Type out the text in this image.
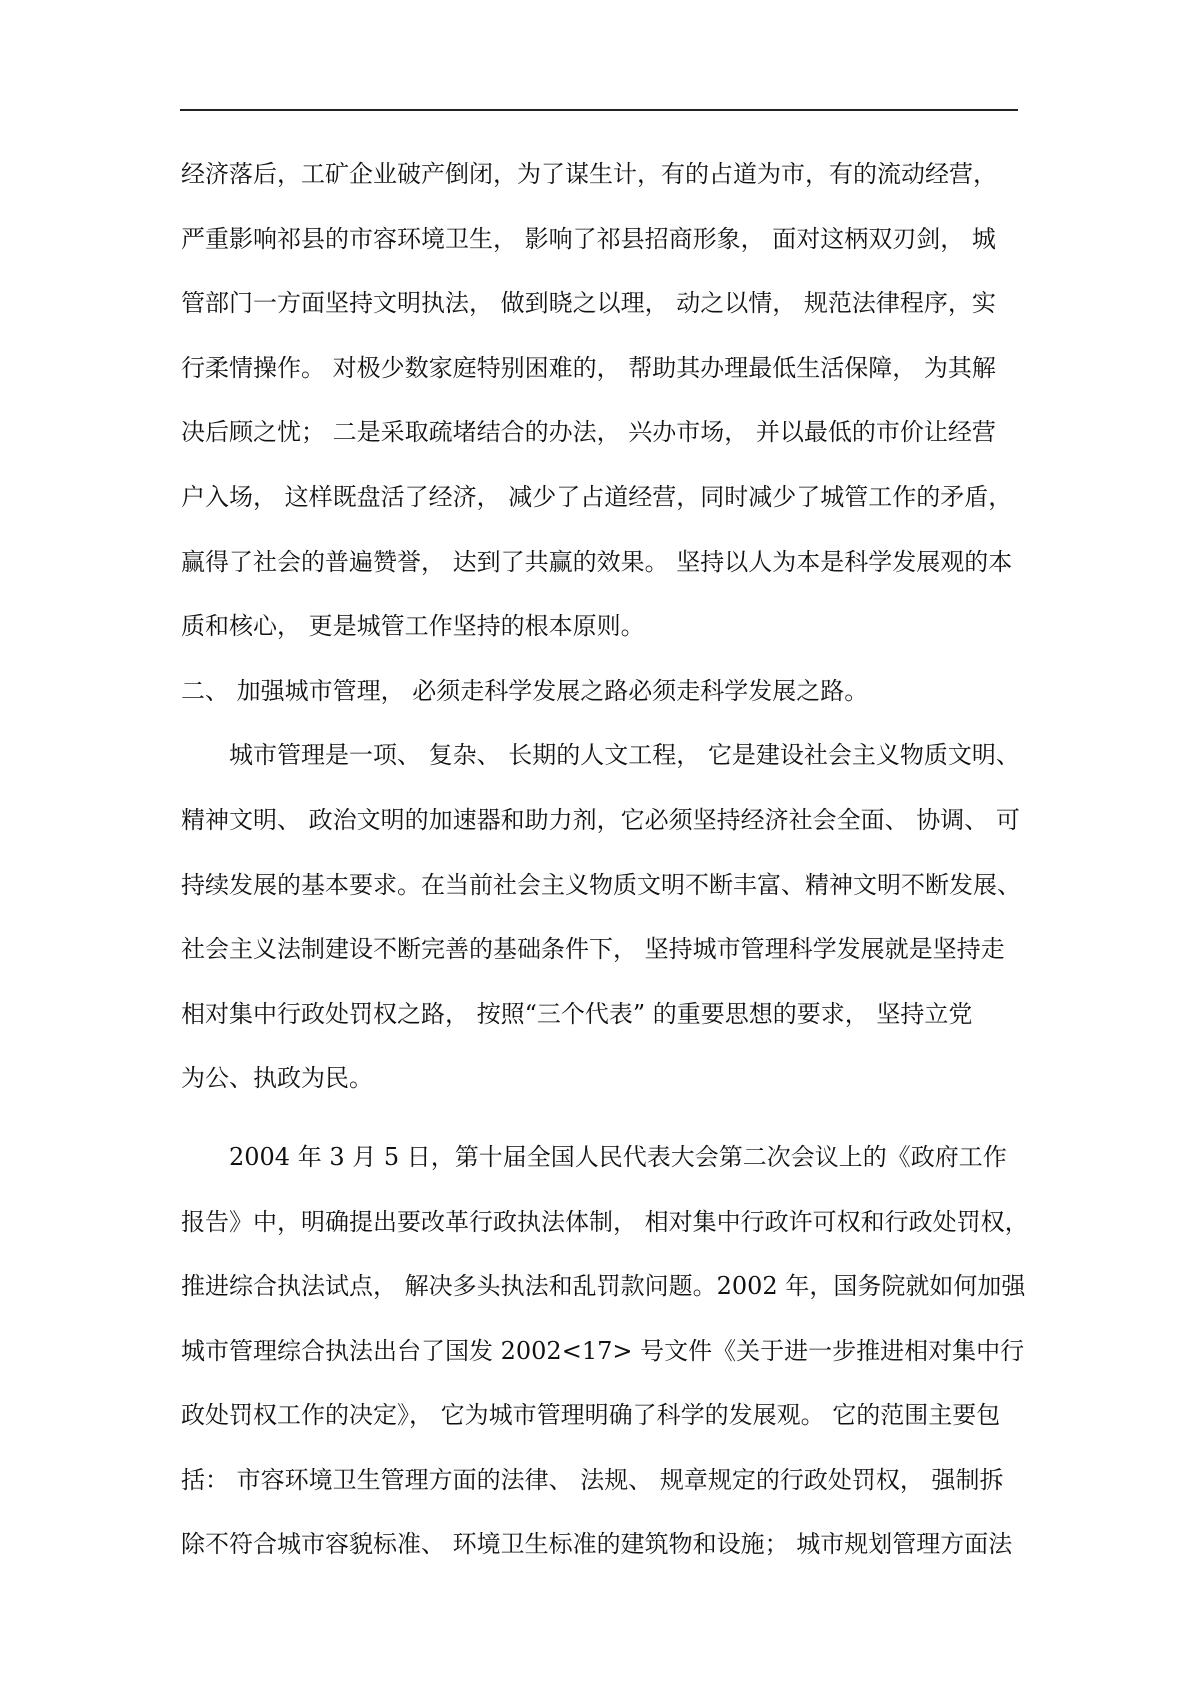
经济落后，工矿企业破产倒闭，为了谋生计，有的占道为市，有的流动经营，
严重影响祁县的市容环境卫生， 影响了祁县招商形象， 面对这柄双刃剑， 城
管部门一方面坚持文明执法， 做到晓之以理， 动之以情， 规范法律程序，实
行柔情操作。 对极少数家庭特别困难的， 帮助其办理最低生活保障， 为其解
决后顾之忧； 二是采取疏堵结合的办法， 兴办市场， 并以最低的市价让经营
户入场， 这样既盘活了经济， 减少了占道经营，同时减少了城管工作的矛盾，
赢得了社会的普遍赞誉， 达到了共赢的效果。 坚持以人为本是科学发展观的本
质和核心， 更是城管工作坚持的根本原则。
二、 加强城市管理， 必须走科学发展之路必须走科学发展之路。
城市管理是一项、 复杂、 长期的人文工程， 它是建设社会主义物质文明、
精神文明、 政治文明的加速器和助力剂，它必须坚持经济社会全面、 协调、 可
持续发展的基本要求。在当前社会主义物质文明不断丰富、精神文明不断发展、
社会主义法制建设不断完善的基础条件下， 坚持城市管理科学发展就是坚持走
相对集中行政处罚权之路， 按照“三个代表” 的重要思想的要求， 坚持立党
为公、执政为民。
2004 年 3 月 5 日，第十届全国人民代表大会第二次会议上的《政府工作
报告》中，明确提出要改革行政执法体制， 相对集中行政许可权和行政处罚权，
推进综合执法试点， 解决多头执法和乱罚款问题。2002 年，国务院就如何加强
城市管理综合执法出台了国发 2002<17> 号文件《关于进一步推进相对集中行
政处罚权工作的决定》， 它为城市管理明确了科学的发展观。 它的范围主要包
括： 市容环境卫生管理方面的法律、 法规、 规章规定的行政处罚权， 强制拆
除不符合城市容貌标准、 环境卫生标准的建筑物和设施； 城市规划管理方面法
